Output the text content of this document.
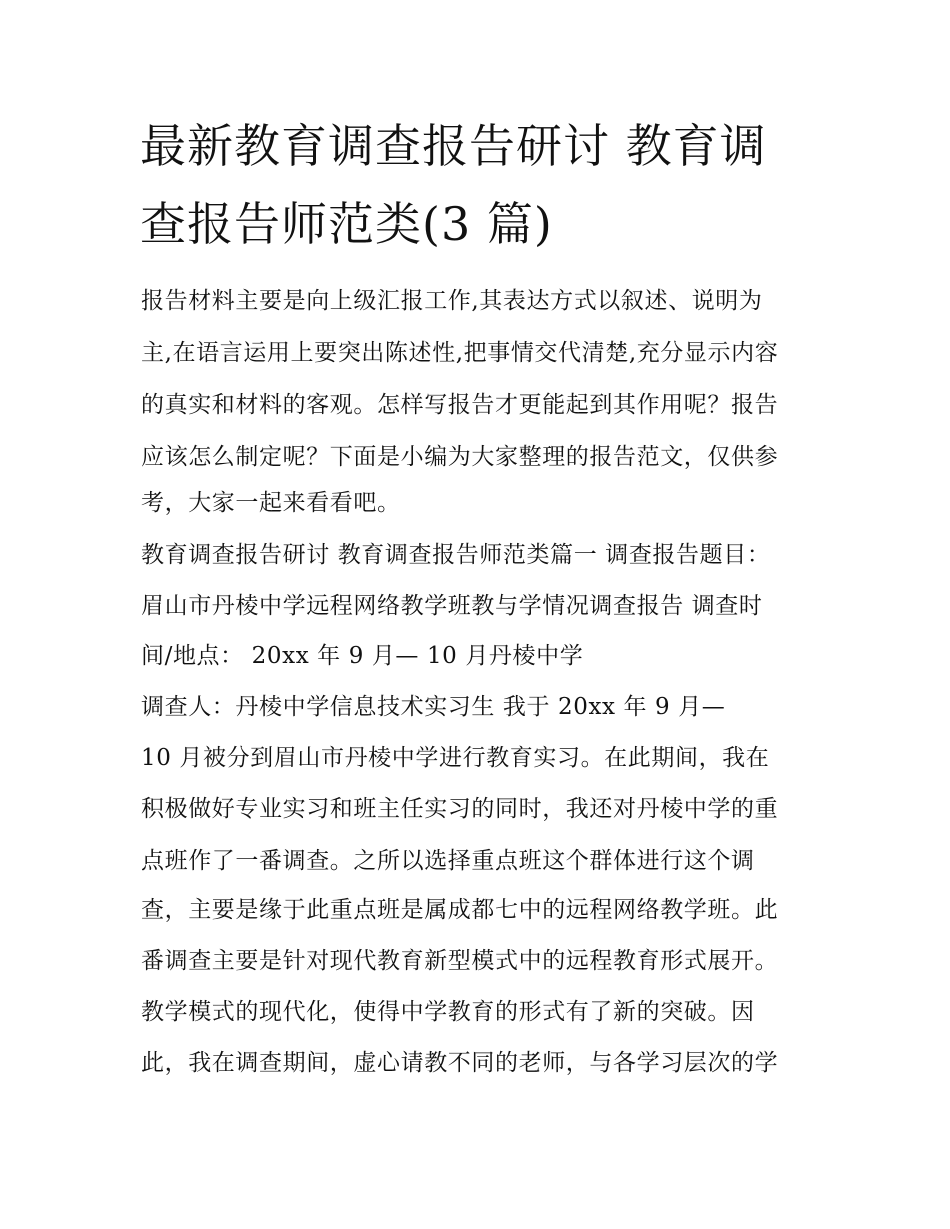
最新教育调查报告研讨 教育调
查报告师范类(3 篇)
报告材料主要是向上级汇报工作,其表达方式以叙述、说明为
主,在语言运用上要突出陈述性,把事情交代清楚,充分显示内容
的真实和材料的客观。怎样写报告才更能起到其作用呢？报告
应该怎么制定呢？下面是小编为大家整理的报告范文，仅供参
考，大家一起来看看吧。
教育调查报告研讨 教育调查报告师范类篇一 调查报告题目：
眉山市丹棱中学远程网络教学班教与学情况调查报告 调查时
间/地点： 20xx 年 9 月— 10 月丹棱中学
调查人：丹棱中学信息技术实习生 我于 20xx 年 9 月—
10 月被分到眉山市丹棱中学进行教育实习。在此期间，我在
积极做好专业实习和班主任实习的同时，我还对丹棱中学的重
点班作了一番调查。之所以选择重点班这个群体进行这个调
查，主要是缘于此重点班是属成都七中的远程网络教学班。此
番调查主要是针对现代教育新型模式中的远程教育形式展开。
教学模式的现代化，使得中学教育的形式有了新的突破。因
此，我在调查期间，虚心请教不同的老师，与各学习层次的学
